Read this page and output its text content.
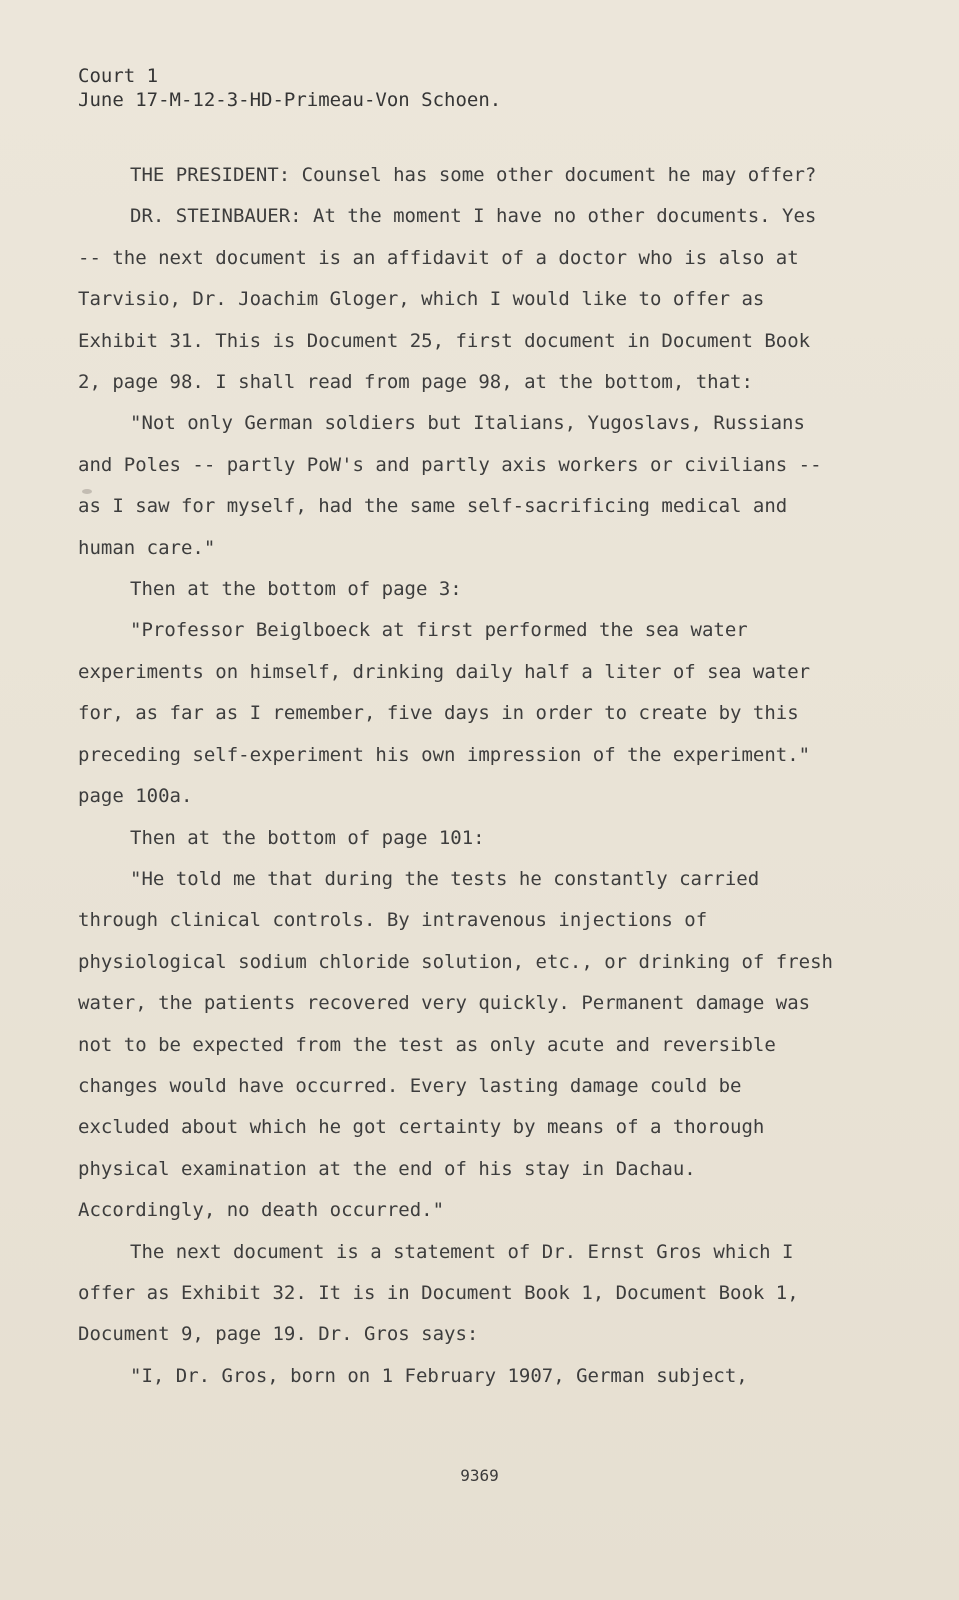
Court 1
June 17-M-12-3-HD-Primeau-Von Schoen.

THE PRESIDENT: Counsel has some other document he may offer?

DR. STEINBAUER: At the moment I have no other documents. Yes -- the next document is an affidavit of a doctor who is also at Tarvisio, Dr. Joachim Gloger, which I would like to offer as Exhibit 31. This is Document 25, first document in Document Book 2, page 98. I shall read from page 98, at the bottom, that:

"Not only German soldiers but Italians, Yugoslavs, Russians and Poles -- partly PoW's and partly axis workers or civilians -- as I saw for myself, had the same self-sacrificing medical and human care."

Then at the bottom of page 3:

"Professor Beiglboeck at first performed the sea water experiments on himself, drinking daily half a liter of sea water for, as far as I remember, five days in order to create by this preceding self-experiment his own impression of the experiment." page 100a.

Then at the bottom of page 101:

"He told me that during the tests he constantly carried through clinical controls. By intravenous injections of physiological sodium chloride solution, etc., or drinking of fresh water, the patients recovered very quickly. Permanent damage was not to be expected from the test as only acute and reversible changes would have occurred. Every lasting damage could be excluded about which he got certainty by means of a thorough physical examination at the end of his stay in Dachau. Accordingly, no death occurred."

The next document is a statement of Dr. Ernst Gros which I offer as Exhibit 32. It is in Document Book 1, Document Book 1, Document 9, page 19. Dr. Gros says:

"I, Dr. Gros, born on 1 February 1907, German subject,

9369
